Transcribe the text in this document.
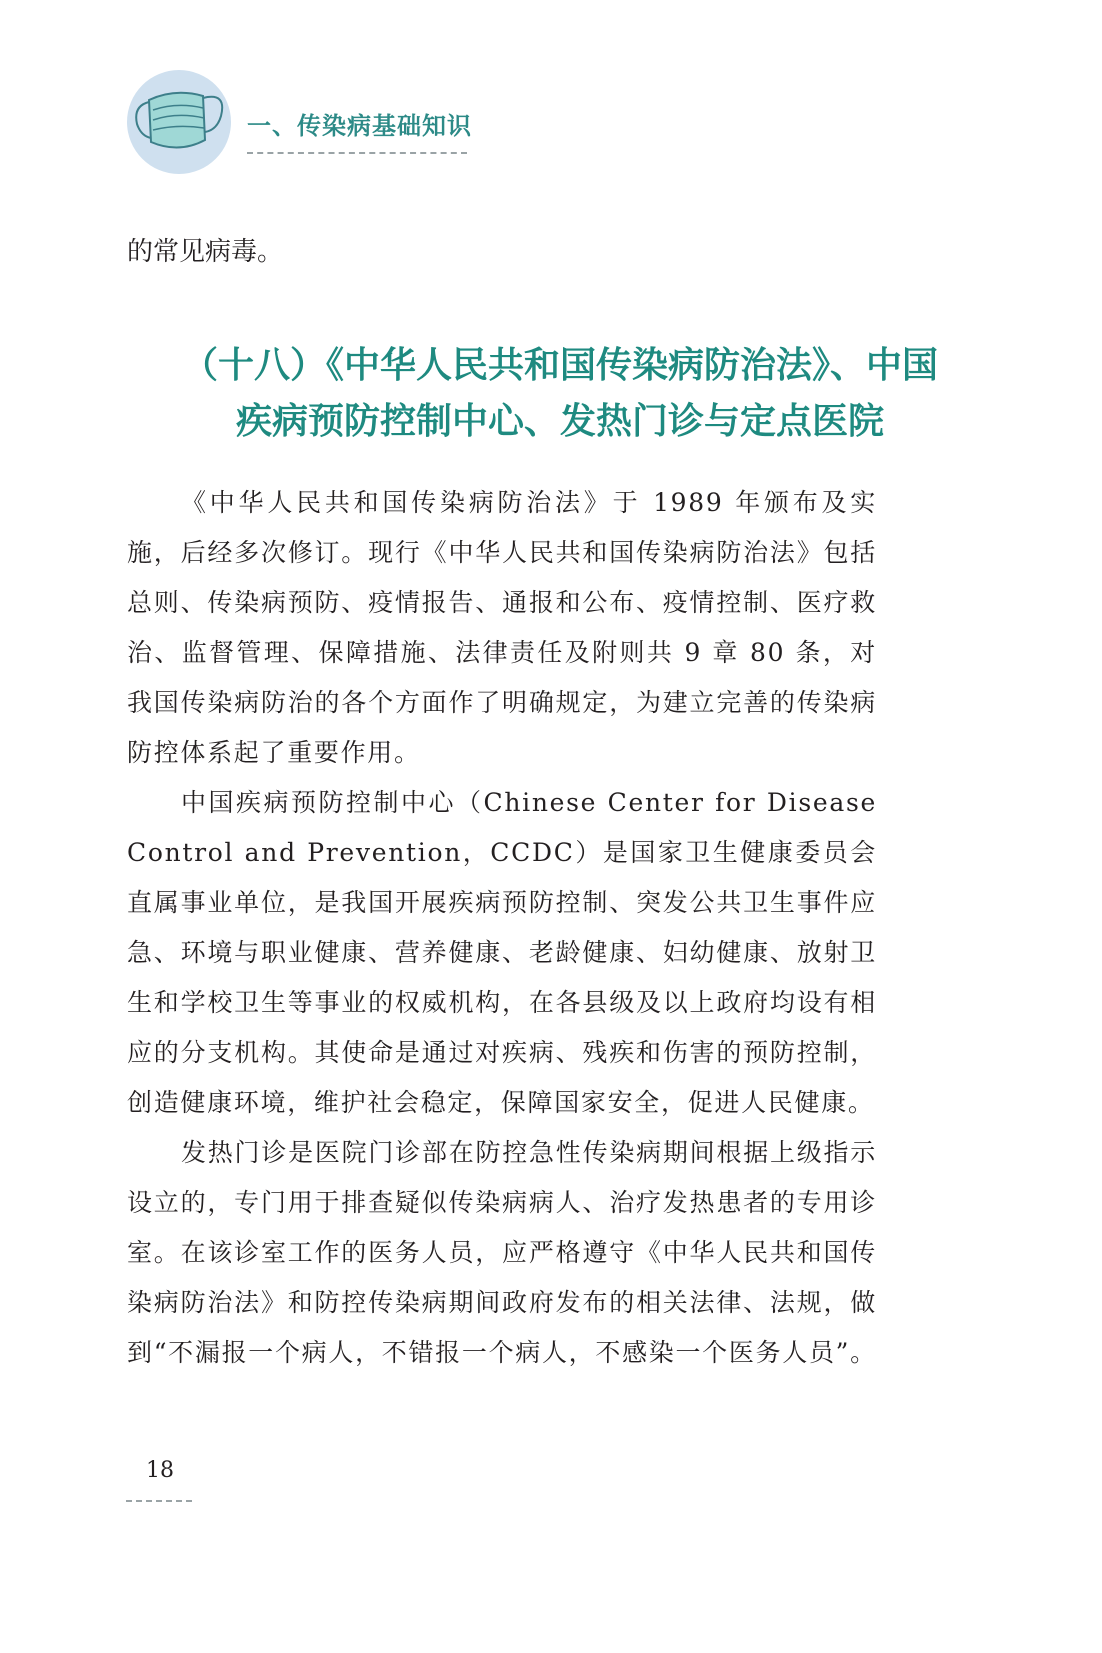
一、传染病基础知识
的常见病毒。
（十八）《中华人民共和国传染病防治法》、中国
疾病预防控制中心、发热门诊与定点医院

《中华人民共和国传染病防治法》于 1989 年颁布及实施，后经多次修订。现行《中华人民共和国传染病防治法》包括总则、传染病预防、疫情报告、通报和公布、疫情控制、医疗救治、监督管理、保障措施、法律责任及附则共 9 章 80 条，对我国传染病防治的各个方面作了明确规定，为建立完善的传染病防控体系起了重要作用。

中国疾病预防控制中心（Chinese Center for Disease Control and Prevention，CCDC）是国家卫生健康委员会直属事业单位，是我国开展疾病预防控制、突发公共卫生事件应急、环境与职业健康、营养健康、老龄健康、妇幼健康、放射卫生和学校卫生等事业的权威机构，在各县级及以上政府均设有相应的分支机构。其使命是通过对疾病、残疾和伤害的预防控制，创造健康环境，维护社会稳定，保障国家安全，促进人民健康。

发热门诊是医院门诊部在防控急性传染病期间根据上级指示设立的，专门用于排查疑似传染病病人、治疗发热患者的专用诊室。在该诊室工作的医务人员，应严格遵守《中华人民共和国传染病防治法》和防控传染病期间政府发布的相关法律、法规，做到“不漏报一个病人，不错报一个病人，不感染一个医务人员”。

18
